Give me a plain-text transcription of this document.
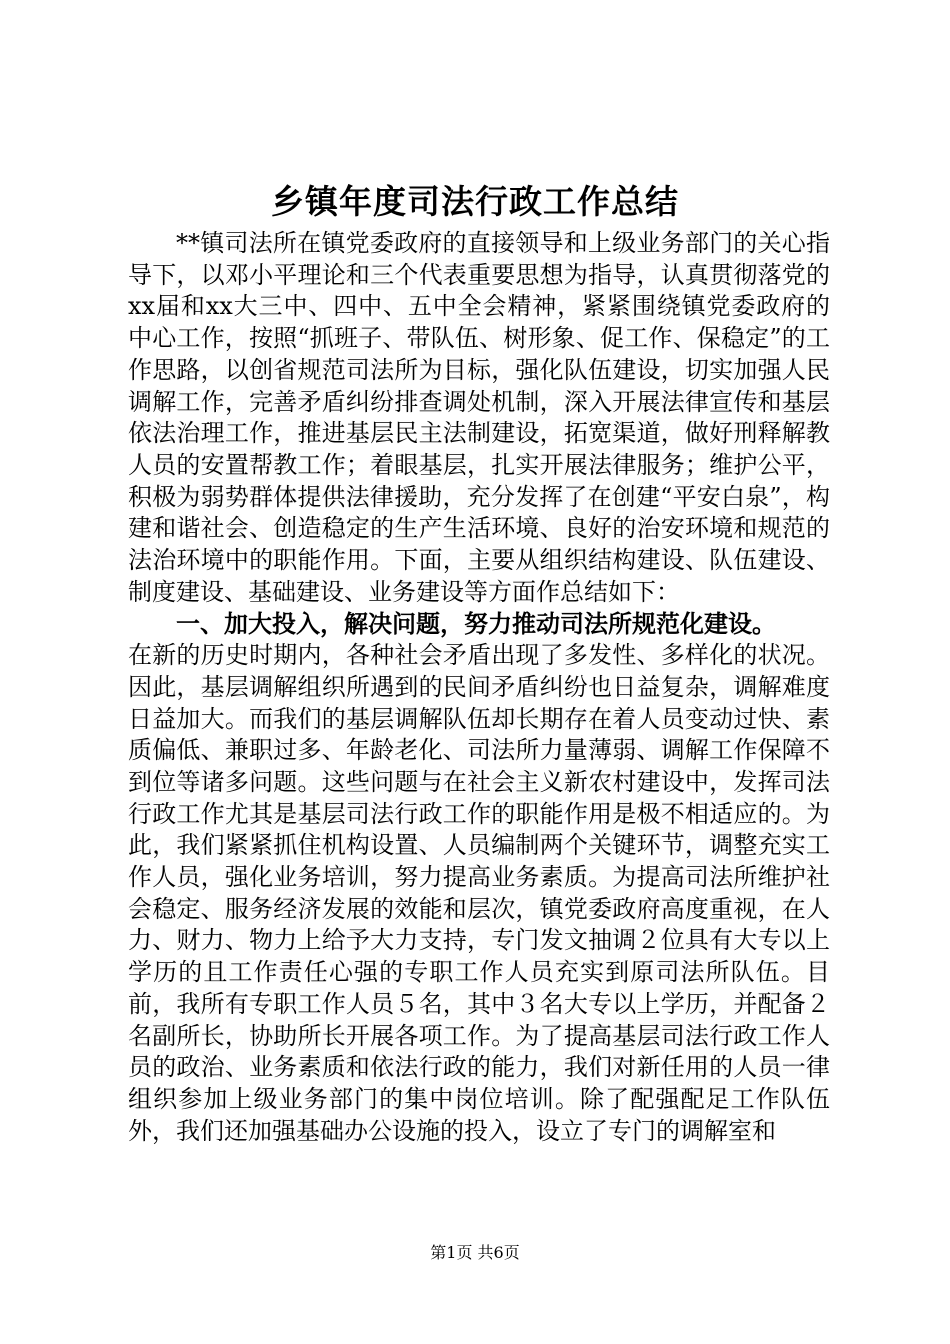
乡镇年度司法行政工作总结

**镇司法所在镇党委政府的直接领导和上级业务部门的关心指导下，以邓小平理论和三个代表重要思想为指导，认真贯彻落党的xx届和xx大三中、四中、五中全会精神，紧紧围绕镇党委政府的中心工作，按照“抓班子、带队伍、树形象、促工作、保稳定”的工作思路，以创省规范司法所为目标，强化队伍建设，切实加强人民调解工作，完善矛盾纠纷排查调处机制，深入开展法律宣传和基层依法治理工作，推进基层民主法制建设，拓宽渠道，做好刑释解教人员的安置帮教工作；着眼基层，扎实开展法律服务；维护公平，积极为弱势群体提供法律援助，充分发挥了在创建“平安白泉”，构建和谐社会、创造稳定的生产生活环境、良好的治安环境和规范的法治环境中的职能作用。下面，主要从组织结构建设、队伍建设、制度建设、基础建设、业务建设等方面作总结如下：

一、加大投入，解决问题，努力推动司法所规范化建设。

在新的历史时期内，各种社会矛盾出现了多发性、多样化的状况。因此，基层调解组织所遇到的民间矛盾纠纷也日益复杂，调解难度日益加大。而我们的基层调解队伍却长期存在着人员变动过快、素质偏低、兼职过多、年龄老化、司法所力量薄弱、调解工作保障不到位等诸多问题。这些问题与在社会主义新农村建设中，发挥司法行政工作尤其是基层司法行政工作的职能作用是极不相适应的。为此，我们紧紧抓住机构设置、人员编制两个关键环节，调整充实工作人员，强化业务培训，努力提高业务素质。为提高司法所维护社会稳定、服务经济发展的效能和层次，镇党委政府高度重视，在人力、财力、物力上给予大力支持，专门发文抽调２位具有大专以上学历的且工作责任心强的专职工作人员充实到原司法所队伍。目前，我所有专职工作人员５名，其中３名大专以上学历，并配备２名副所长，协助所长开展各项工作。为了提高基层司法行政工作人员的政治、业务素质和依法行政的能力，我们对新任用的人员一律组织参加上级业务部门的集中岗位培训。除了配强配足工作队伍外，我们还加强基础办公设施的投入，设立了专门的调解室和

第1页 共6页
